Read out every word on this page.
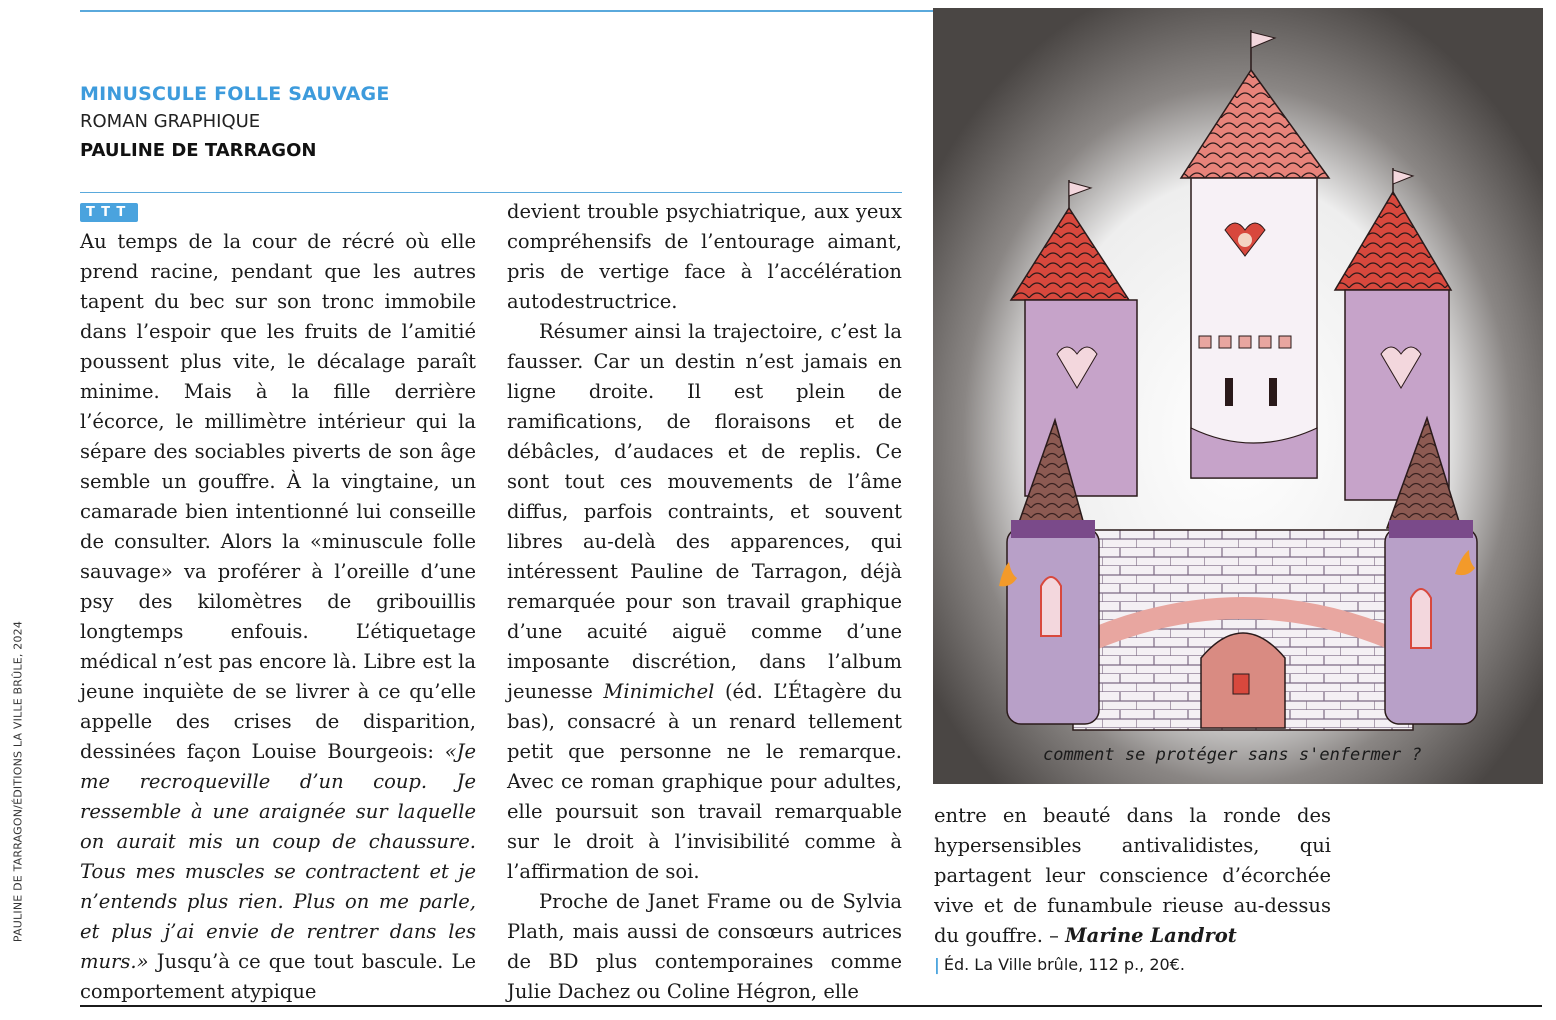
PAULINE DE TARRAGON/ÉDITIONS LA VILLE BRÛLE, 2024
MINUSCULE FOLLE SAUVAGE
ROMAN GRAPHIQUE
PAULINE DE TARRAGON
TTT

Au temps de la cour de récré où elle prend racine, pendant que les autres tapent du bec sur son tronc immobile dans l’espoir que les fruits de l’amitié poussent plus vite, le décalage paraît minime. Mais à la fille derrière l’écorce, le millimètre intérieur qui la sépare des sociables piverts de son âge semble un gouffre. À la vingtaine, un camarade bien intentionné lui conseille de consulter. Alors la «minuscule folle sauvage» va proférer à l’oreille d’une psy des kilomètres de gribouillis longtemps enfouis. L’étiquetage médical n’est pas encore là. Libre est la jeune inquiète de se livrer à ce qu’elle appelle des crises de disparition, dessinées façon Louise Bourgeois: «Je me recroqueville d’un coup. Je ressemble à une araignée sur laquelle on aurait mis un coup de chaussure. Tous mes muscles se contractent et je n’entends plus rien. Plus on me parle, et plus j’ai envie de rentrer dans les murs.» Jusqu’à ce que tout bascule. Le comportement atypique

devient trouble psychiatrique, aux yeux compréhensifs de l’entourage aimant, pris de vertige face à l’accélération autodestructrice.

Résumer ainsi la trajectoire, c’est la fausser. Car un destin n’est jamais en ligne droite. Il est plein de ramifications, de floraisons et de débâcles, d’audaces et de replis. Ce sont tout ces mouvements de l’âme diffus, parfois contraints, et souvent libres au-delà des apparences, qui intéressent Pauline de Tarragon, déjà remarquée pour son travail graphique d’une acuité aiguë comme d’une imposante discrétion, dans l’album jeunesse Minimichel (éd. L’Étagère du bas), consacré à un renard tellement petit que personne ne le remarque. Avec ce roman graphique pour adultes, elle poursuit son travail remarquable sur le droit à l’invisibilité comme à l’affirmation de soi.

Proche de Janet Frame ou de Sylvia Plath, mais aussi de consœurs autrices de BD plus contemporaines comme Julie Dachez ou Coline Hégron, elle

entre en beauté dans la ronde des hypersensibles antivalidistes, qui partagent leur conscience d’écorchée vive et de funambule rieuse au-dessus du gouffre. – Marine Landrot

| Éd. La Ville brûle, 112 p., 20€.

comment se protéger sans s'enfermer ?
